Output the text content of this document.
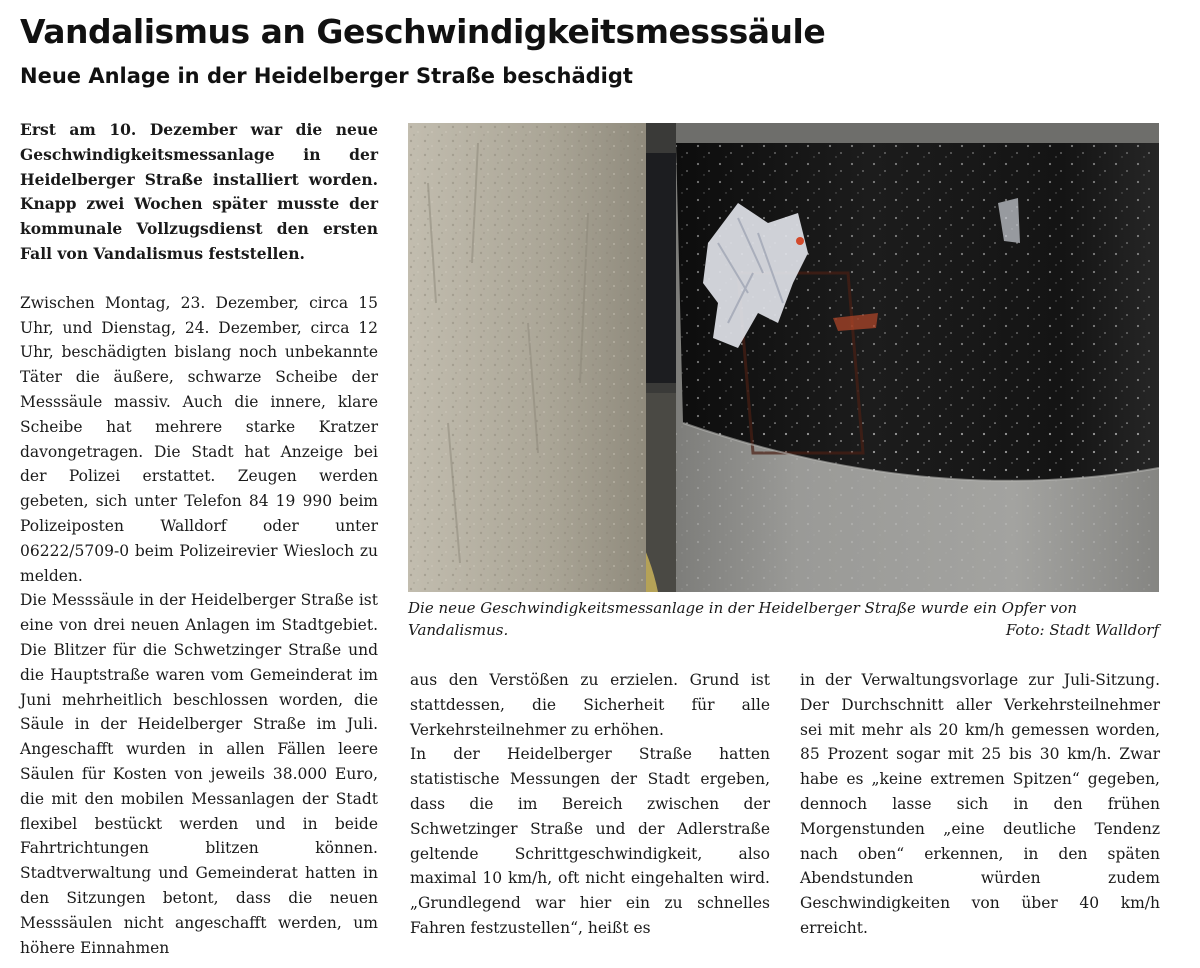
Vandalismus an Geschwindigkeitsmesssäule
Neue Anlage in der Heidelberger Straße beschädigt

Erst am 10. Dezember war die neue Geschwindigkeitsmessanlage in der Heidelberger Straße installiert worden. Knapp zwei Wochen später musste der kommunale Vollzugsdienst den ersten Fall von Vandalismus feststellen.

Zwischen Montag, 23. Dezember, circa 15 Uhr, und Dienstag, 24. Dezember, circa 12 Uhr, beschädigten bislang noch unbekannte Täter die äußere, schwarze Scheibe der Messsäule massiv. Auch die innere, klare Scheibe hat mehrere starke Kratzer davongetragen. Die Stadt hat Anzeige bei der Polizei erstattet. Zeugen werden gebeten, sich unter Telefon 84 19 990 beim Polizeiposten Walldorf oder unter 06222/5709-0 beim Polizeirevier Wiesloch zu melden.

Die Messsäule in der Heidelberger Straße ist eine von drei neuen Anlagen im Stadtgebiet. Die Blitzer für die Schwetzinger Straße und die Hauptstraße waren vom Gemeinderat im Juni mehrheitlich beschlossen worden, die Säule in der Heidelberger Straße im Juli. Angeschafft wurden in allen Fällen leere Säulen für Kosten von jeweils 38.000 Euro, die mit den mobilen Messanlagen der Stadt flexibel bestückt werden und in beide Fahrtrichtungen blitzen können. Stadtverwaltung und Gemeinderat hatten in den Sitzungen betont, dass die neuen Messsäulen nicht angeschafft werden, um höhere Einnahmen

Die neue Geschwindigkeitsmessanlage in der Heidelberger Straße wurde ein Opfer von Vandalismus.	Foto: Stadt Walldorf

aus den Verstößen zu erzielen. Grund ist stattdessen, die Sicherheit für alle Verkehrsteilnehmer zu erhöhen.

In der Heidelberger Straße hatten statistische Messungen der Stadt ergeben, dass die im Bereich zwischen der Schwetzinger Straße und der Adlerstraße geltende Schrittgeschwindigkeit, also maximal 10 km/h, oft nicht eingehalten wird. „Grundlegend war hier ein zu schnelles Fahren festzustellen“, heißt es

in der Verwaltungsvorlage zur Juli-Sitzung. Der Durchschnitt aller Verkehrsteilnehmer sei mit mehr als 20 km/h gemessen worden, 85 Prozent sogar mit 25 bis 30 km/h. Zwar habe es „keine extremen Spitzen“ gegeben, dennoch lasse sich in den frühen Morgenstunden „eine deutliche Tendenz nach oben“ erkennen, in den späten Abendstunden würden zudem Geschwindigkeiten von über 40 km/h erreicht.
